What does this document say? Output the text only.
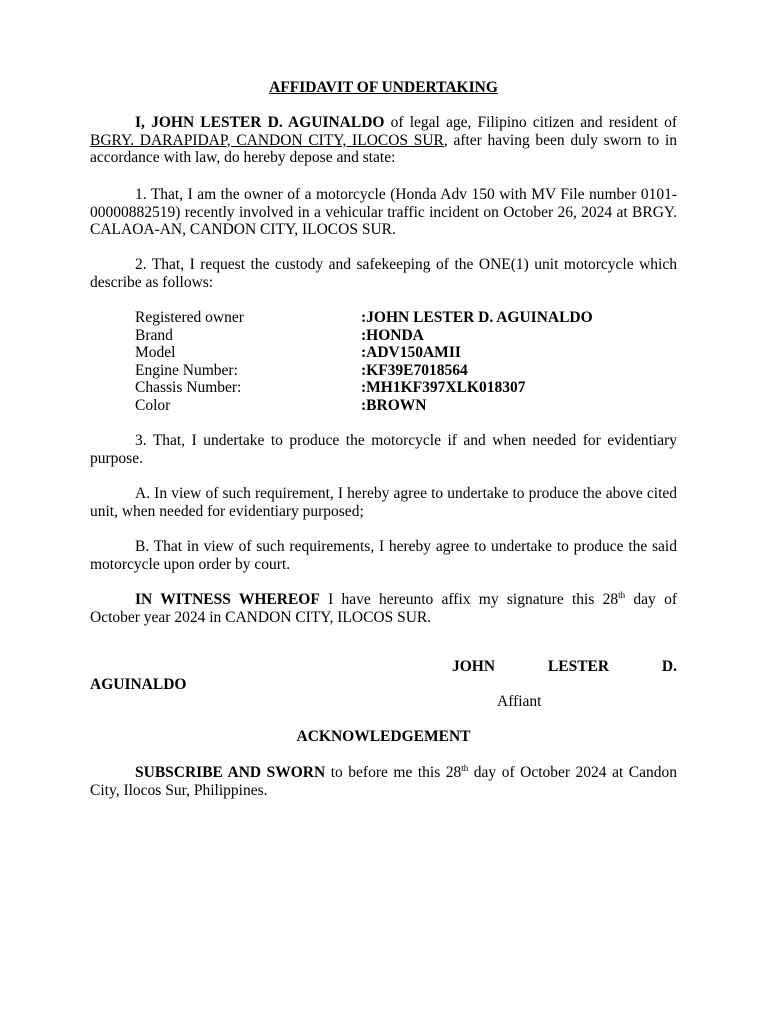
AFFIDAVIT OF UNDERTAKING

I, JOHN LESTER D. AGUINALDO of legal age, Filipino citizen and resident of BGRY. DARAPIDAP, CANDON CITY, ILOCOS SUR, after having been duly sworn to in accordance with law, do hereby depose and state:

1. That, I am the owner of a motorcycle (Honda Adv 150 with MV File number 0101-00000882519) recently involved in a vehicular traffic incident on October 26, 2024 at BRGY. CALAOA-AN, CANDON CITY, ILOCOS SUR.

2. That, I request the custody and safekeeping of the ONE(1) unit motorcycle which describe as follows:

Registered owner	:JOHN LESTER D. AGUINALDO
Brand	:HONDA
Model	:ADV150AMII
Engine Number:	:KF39E7018564
Chassis Number:	:MH1KF397XLK018307
Color	:BROWN

3. That, I undertake to produce the motorcycle if and when needed for evidentiary purpose.

A. In view of such requirement, I hereby agree to undertake to produce the above cited unit, when needed for evidentiary purposed;

B. That in view of such requirements, I hereby agree to undertake to produce the said motorcycle upon order by court.

IN WITNESS WHEREOF I have hereunto affix my signature this 28th day of October year 2024 in CANDON CITY, ILOCOS SUR.

JOHN	LESTER	D.
AGUINALDO
Affiant
ACKNOWLEDGEMENT

SUBSCRIBE AND SWORN to before me this 28th day of October 2024 at Candon City, Ilocos Sur, Philippines.
